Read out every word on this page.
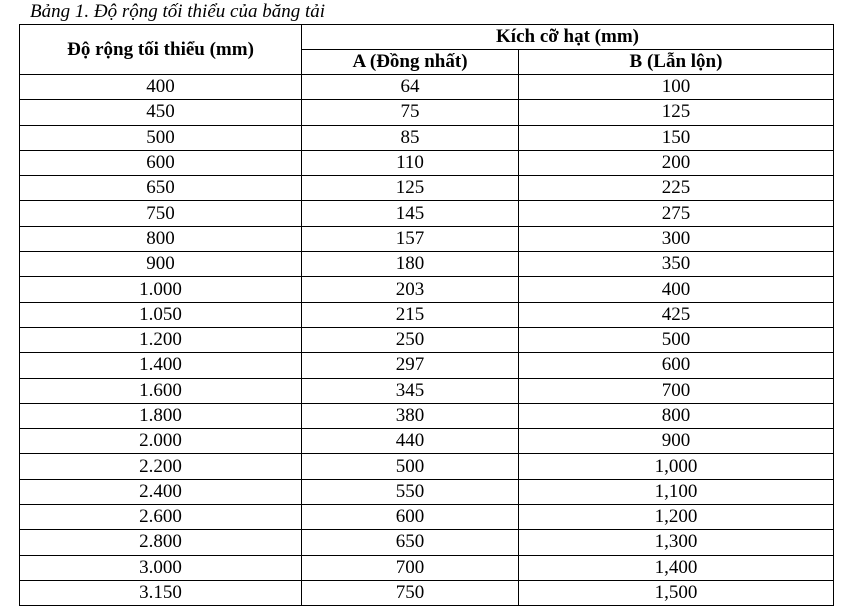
Bảng 1. Độ rộng tối thiểu của băng tải
Độ rộng tối thiểu (mm)	Kích cỡ hạt (mm)	
	A (Đồng nhất)	B (Lẫn lộn)
400	64	100
450	75	125
500	85	150
600	110	200
650	125	225
750	145	275
800	157	300
900	180	350
1.000	203	400
1.050	215	425
1.200	250	500
1.400	297	600
1.600	345	700
1.800	380	800
2.000	440	900
2.200	500	1,000
2.400	550	1,100
2.600	600	1,200
2.800	650	1,300
3.000	700	1,400
3.150	750	1,500
